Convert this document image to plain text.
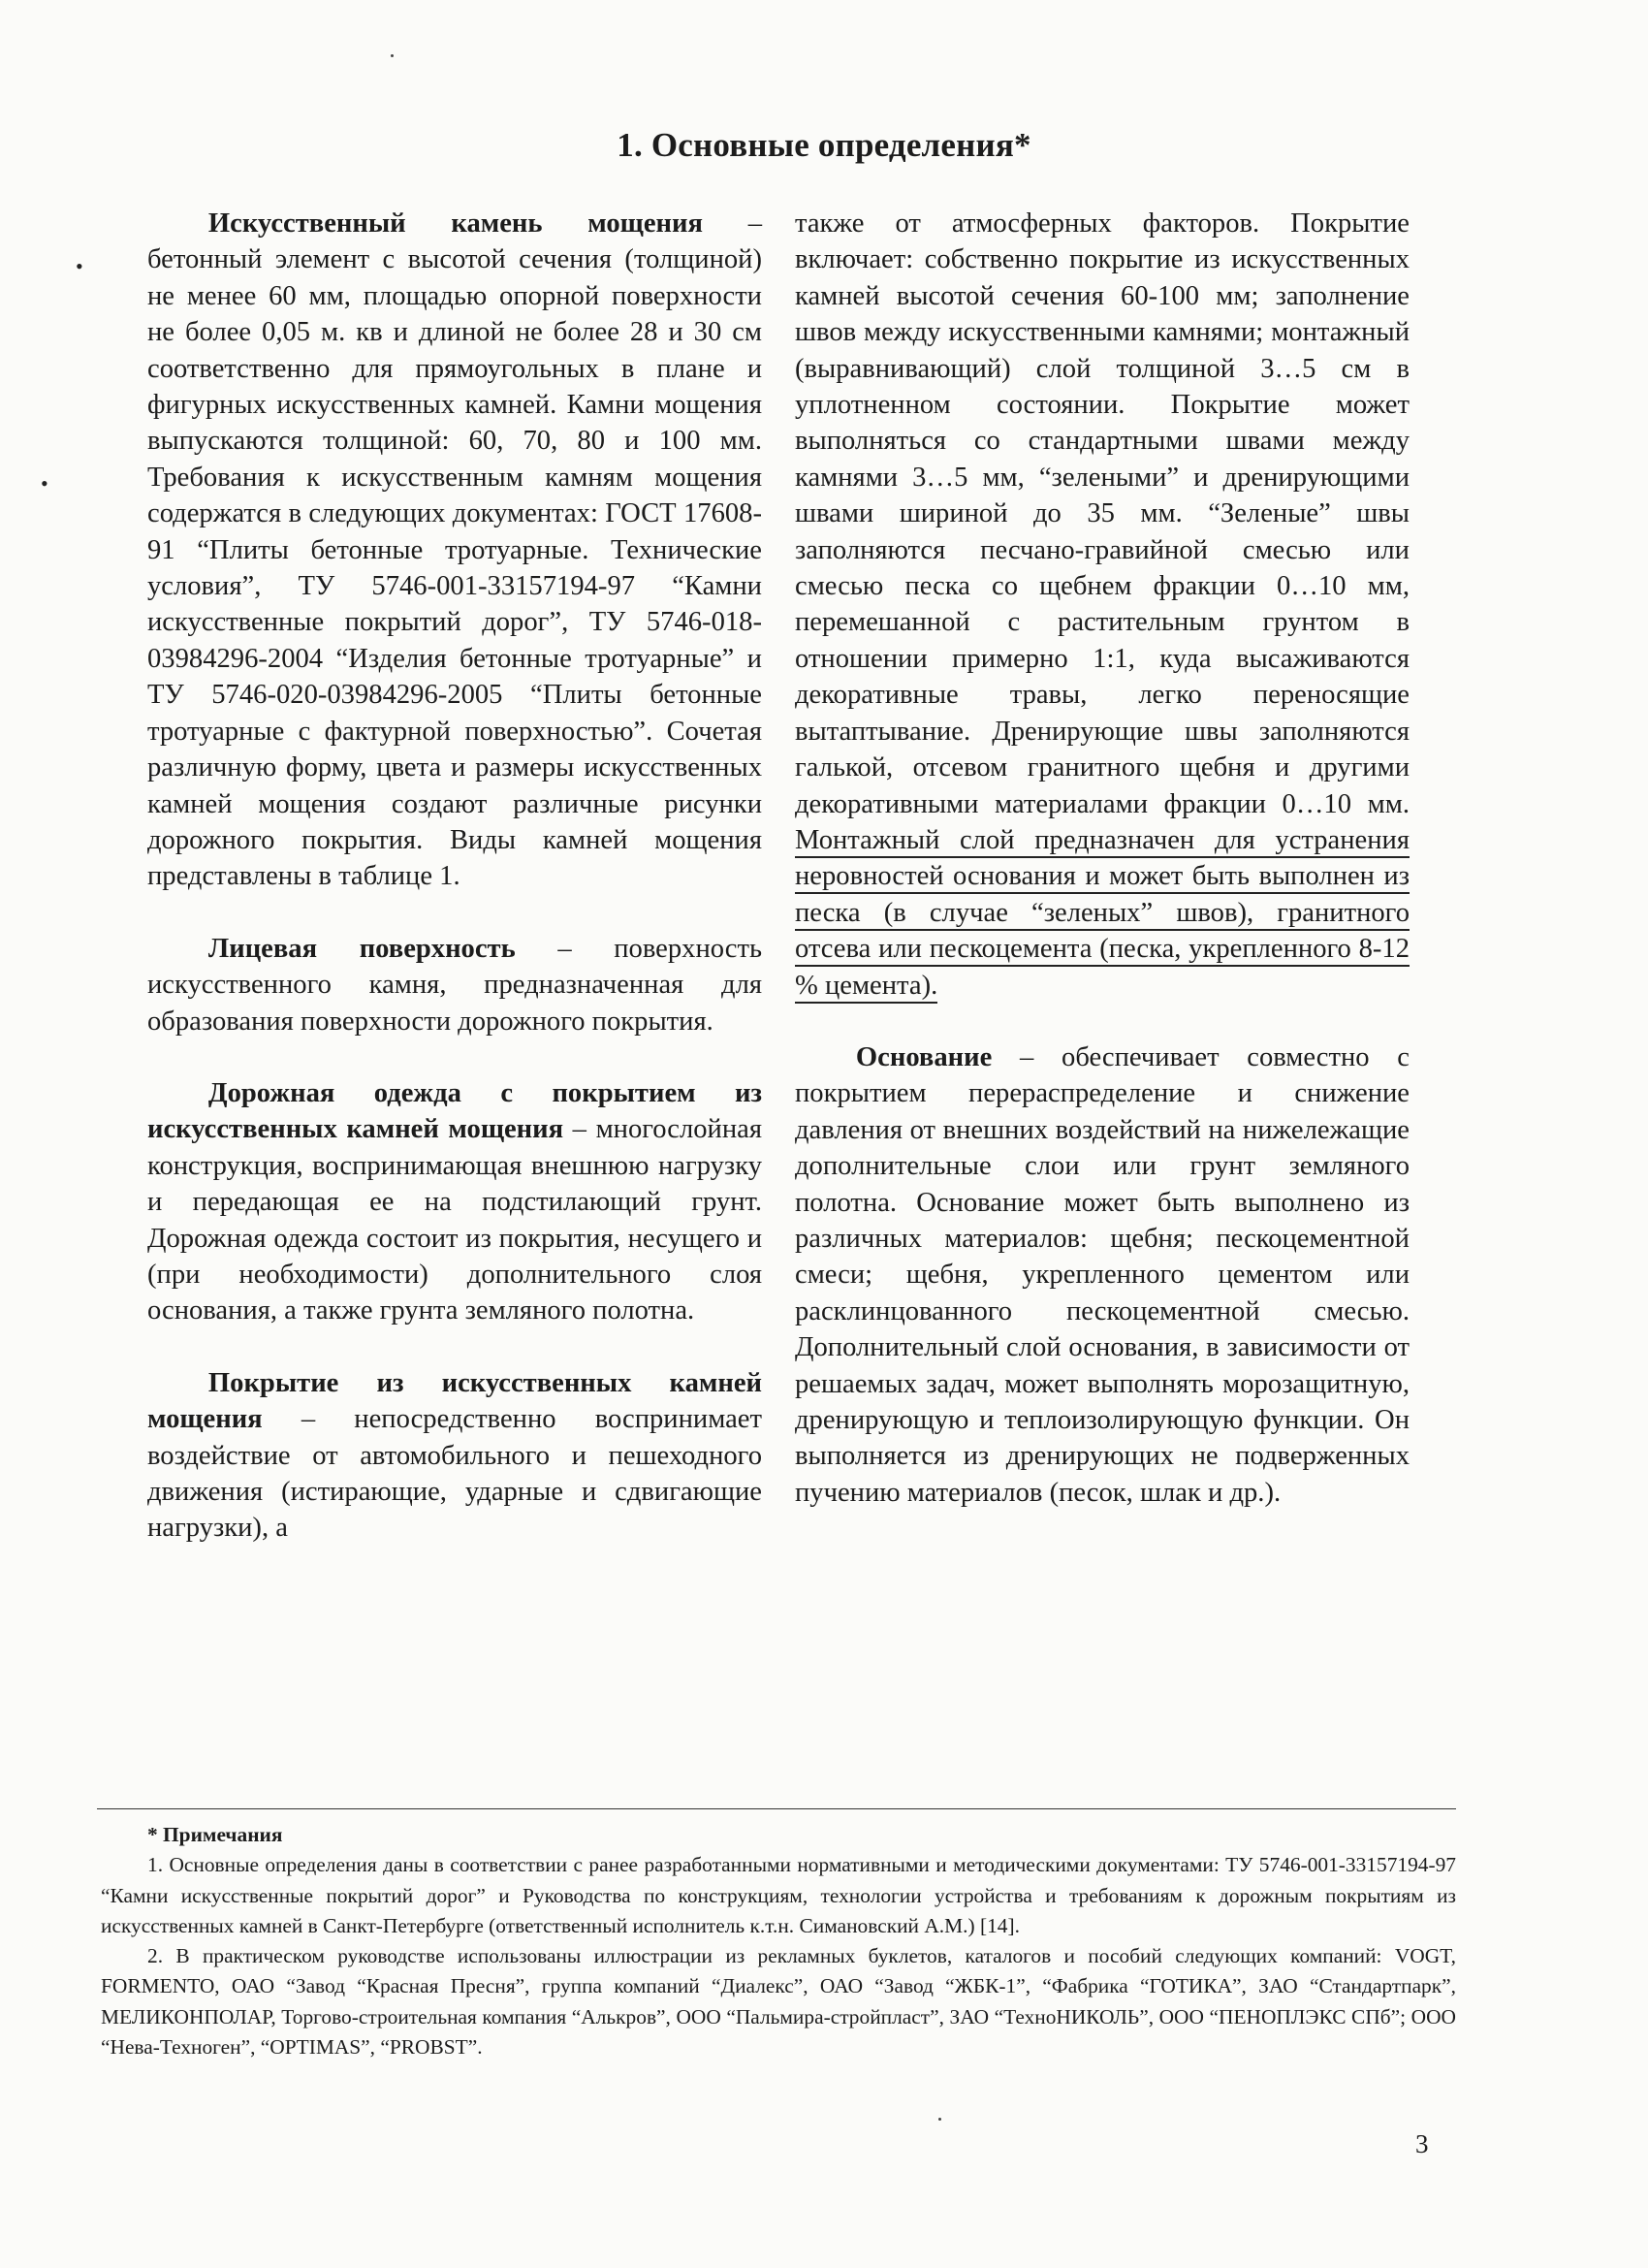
1. Основные определения*

   Искусственный камень мощения – бетонный элемент с высотой сечения (толщиной) не менее 60 мм, площадью опорной поверхности не более 0,05 м. кв и длиной не более 28 и 30 см соответственно для прямоугольных в плане и фигурных искусственных камней. Камни мощения выпускаются толщиной: 60, 70, 80 и 100 мм. Требования к искусственным камням мощения содержатся в следующих документах: ГОСТ 17608-91 “Плиты бетонные тротуарные. Технические условия”, ТУ 5746-001-33157194-97 “Камни искусственные покрытий дорог”, ТУ 5746-018-03984296-2004 “Изделия бетонные тротуарные” и ТУ 5746-020-03984296-2005 “Плиты бетонные тротуарные с фактурной поверхностью”. Сочетая различную форму, цвета и размеры искусственных камней мощения создают различные рисунки дорожного покрытия. Виды камней мощения представлены в таблице 1.

   Лицевая поверхность – поверхность искусственного камня, предназначенная для образования поверхности дорожного покрытия.

   Дорожная одежда с покрытием из искусственных камней мощения – многослойная конструкция, воспринимающая внешнюю нагрузку и передающая ее на подстилающий грунт. Дорожная одежда состоит из покрытия, несущего и (при необходимости) дополнительного слоя основания, а также грунта земляного полотна.

   Покрытие из искусственных камней мощения – непосредственно воспринимает воздействие от автомобильного и пешеходного движения (истирающие, ударные и сдвигающие нагрузки), а

также от атмосферных факторов. Покрытие включает: собственно покрытие из искусственных камней высотой сечения 60-100 мм; заполнение швов между искусственными камнями; монтажный (выравнивающий) слой толщиной 3…5 см в уплотненном состоянии. Покрытие может выполняться со стандартными швами между камнями 3…5 мм, “зелеными” и дренирующими швами шириной до 35 мм. “Зеленые” швы заполняются песчано-гравийной смесью или смесью песка со щебнем фракции 0…10 мм, перемешанной с растительным грунтом в отношении примерно 1:1, куда высаживаются декоративные травы, легко переносящие вытаптывание. Дренирующие швы заполняются галькой, отсевом гранитного щебня и другими декоративными материалами фракции 0…10 мм. Монтажный слой предназначен для устранения неровностей основания и может быть выполнен из песка (в случае “зеленых” швов), гранитного отсева или пескоцемента (песка, укрепленного 8-12 % цемента).

   Основание – обеспечивает совместно с покрытием перераспределение и снижение давления от внешних воздействий на нижележащие дополнительные слои или грунт земляного полотна. Основание может быть выполнено из различных материалов: щебня; пескоцементной смеси; щебня, укрепленного цементом или расклинцованного пескоцементной смесью. Дополнительный слой основания, в зависимости от решаемых задач, может выполнять морозащитную, дренирующую и теплоизолирующую функции. Он выполняется из дренирующих не подверженных пучению материалов (песок, шлак и др.).

* Примечания

1. Основные определения даны в соответствии с ранее разработанными нормативными и методическими документами: ТУ 5746-001-33157194-97 “Камни искусственные покрытий дорог” и Руководства по конструкциям, технологии устройства и требованиям к дорожным покрытиям из искусственных камней в Санкт-Петербурге (ответственный исполнитель к.т.н. Симановский А.М.) [14].

2. В практическом руководстве использованы иллюстрации из рекламных буклетов, каталогов и пособий следующих компаний: VOGT, FORMENTO, ОАО “Завод “Красная Пресня”, группа компаний “Диалекс”, ОАО “Завод “ЖБК-1”, “Фабрика “ГОТИКА”, ЗАО “Стандартпарк”, МЕЛИКОНПОЛАР, Торгово-строительная компания “Алькров”, ООО “Пальмира-стройпласт”, ЗАО “ТехноНИКОЛЬ”, ООО “ПЕНОПЛЭКС СПб”; ООО “Нева-Техноген”, “OPTIMAS”, “PROBST”.

3
•
•
